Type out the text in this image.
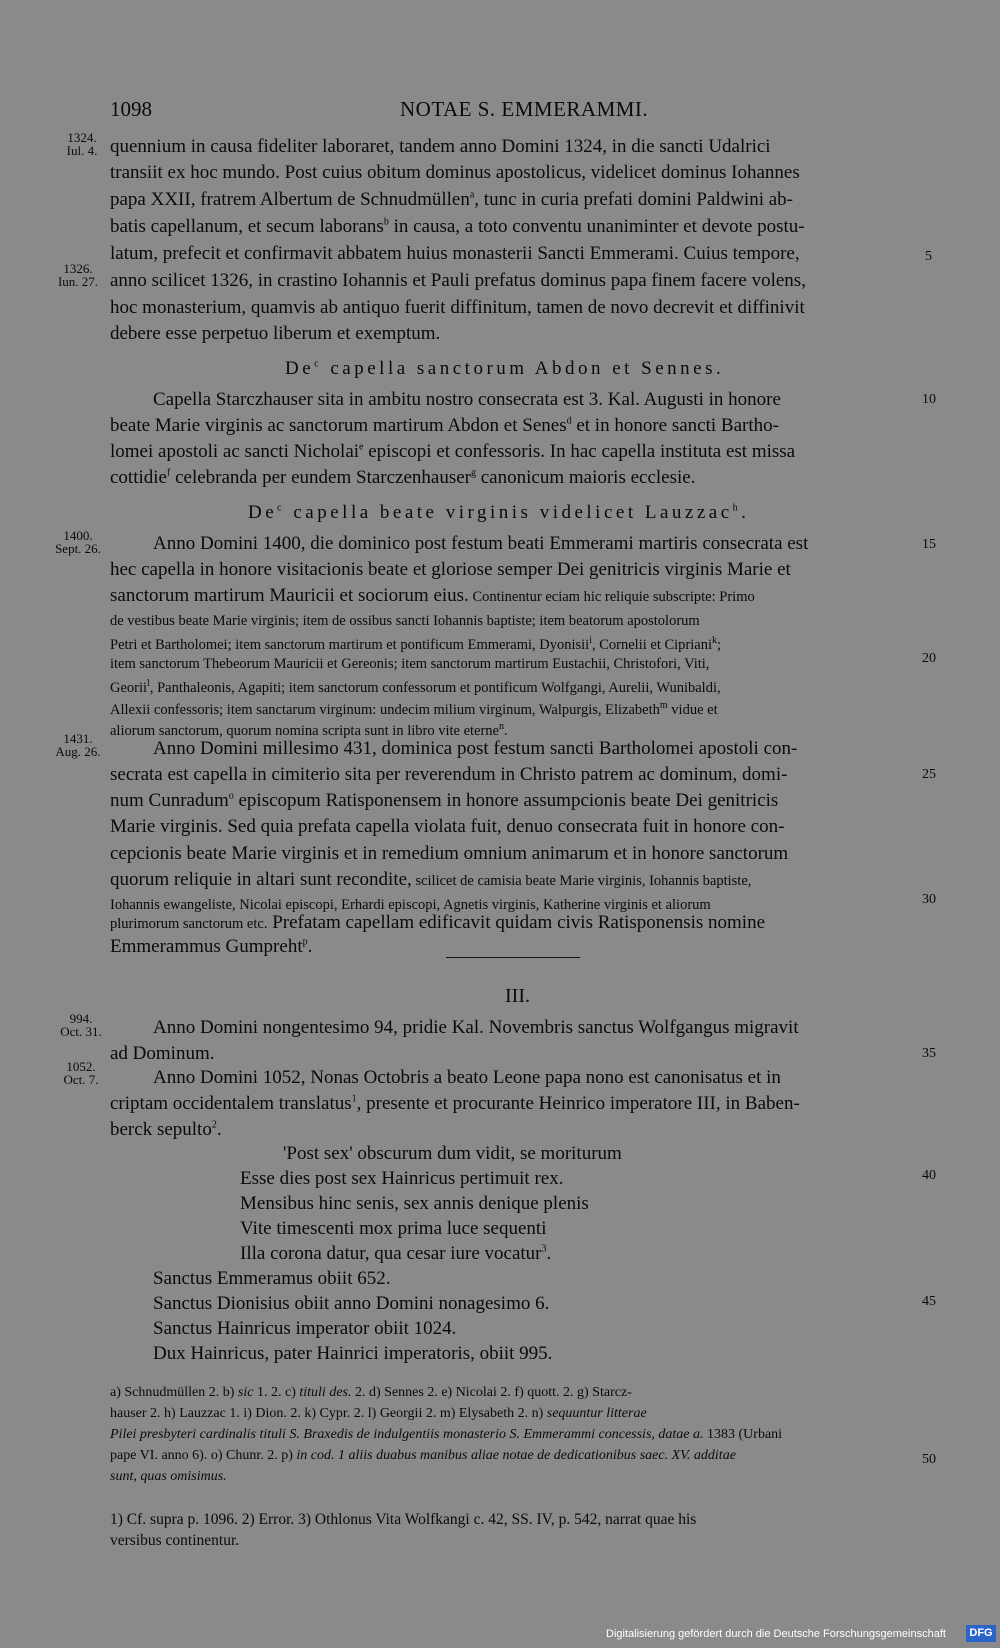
1098	NOTAE S. EMMERAMMI.
1324.
Iul. 4.
1326.
Iun. 27.
1400.
Sept. 26.
1431.
Aug. 26.
994.
Oct. 31.
1052.
Oct. 7.
5
10
15
20
25
30
35
40
45
50
quennium in causa fideliter laboraret, tandem anno Domini 1324, in die sancti Udalrici
transiit ex hoc mundo. Post cuius obitum dominus apostolicus, videlicet dominus Iohannes
papa XXII, fratrem Albertum de Schnudmüllen$^a$, tunc in curia prefati domini Paldwini ab-
batis capellanum, et secum laborans$^b$ in causa, a toto conventu unaniminter et devote postu-
latum, prefecit et confirmavit abbatem huius monasterii Sancti Emmerami. Cuius tempore,
anno scilicet 1326, in crastino Iohannis et Pauli prefatus dominus papa finem facere volens,
hoc monasterium, quamvis ab antiquo fuerit diffinitum, tamen de novo decrevit et diffinivit
debere esse perpetuo liberum et exemptum.
De$^c$ capella sanctorum Abdon et Sennes.
Capella Starczhauser sita in ambitu nostro consecrata est 3. Kal. Augusti in honore
beate Marie virginis ac sanctorum martirum Abdon et Senes$^d$ et in honore sancti Bartho-
lomei apostoli ac sancti Nicholai$^e$ episcopi et confessoris. In hac capella instituta est missa
cottidie$^f$ celebranda per eundem Starczenhauser$^g$ canonicum maioris ecclesie.
De$^c$ capella beate virginis videlicet Lauzzac$^h$.
Anno Domini 1400, die dominico post festum beati Emmerami martiris consecrata est
hec capella in honore visitacionis beate et gloriose semper Dei genitricis virginis Marie et
sanctorum martirum Mauricii et sociorum eius. Continentur eciam hic reliquie subscripte: Primo
de vestibus beate Marie virginis; item de ossibus sancti Iohannis baptiste; item beatorum apostolorum
Petri et Bartholomei; item sanctorum martirum et pontificum Emmerami, Dyonisii$^i$, Cornelii et Cipriani$^k$;
item sanctorum Thebeorum Mauricii et Gereonis; item sanctorum martirum Eustachii, Christofori, Viti,
Georii$^l$, Panthaleonis, Agapiti; item sanctorum confessorum et pontificum Wolfgangi, Aurelii, Wunibaldi,
Allexii confessoris; item sanctarum virginum: undecim milium virginum, Walpurgis, Elizabeth$^m$ vidue et
aliorum sanctorum, quorum nomina scripta sunt in libro vite eterne$^n$.
Anno Domini millesimo 431, dominica post festum sancti Bartholomei apostoli con-
secrata est capella in cimiterio sita per reverendum in Christo patrem ac dominum, domi-
num Cunradum$^o$ episcopum Ratisponensem in honore assumpcionis beate Dei genitricis
Marie virginis. Sed quia prefata capella violata fuit, denuo consecrata fuit in honore con-
cepcionis beate Marie virginis et in remedium omnium animarum et in honore sanctorum
quorum reliquie in altari sunt recondite, scilicet de camisia beate Marie virginis, Iohannis baptiste,
Iohannis ewangeliste, Nicolai episcopi, Erhardi episcopi, Agnetis virginis, Katherine virginis et aliorum
plurimorum sanctorum etc. Prefatam capellam edificavit quidam civis Ratisponensis nomine
Emmerammus Gumpreht$^p$.
III.
Anno Domini nongentesimo 94, pridie Kal. Novembris sanctus Wolfgangus migravit
ad Dominum.
Anno Domini 1052, Nonas Octobris a beato Leone papa nono est canonisatus et in
criptam occidentalem translatus$^1$, presente et procurante Heinrico imperatore III, in Baben-
berck sepulto$^2$.
'Post sex' obscurum dum vidit, se moriturum
Esse dies post sex Hainricus pertimuit rex.
Mensibus hinc senis, sex annis denique plenis
Vite timescenti mox prima luce sequenti
Illa corona datur, qua cesar iure vocatur$^3$.
Sanctus Emmeramus obiit 652.
Sanctus Dionisius obiit anno Domini nonagesimo 6.
Sanctus Hainricus imperator obiit 1024.
Dux Hainricus, pater Hainrici imperatoris, obiit 995.
a) Schnudmüllen 2. b) sic 1. 2. c) tituli des. 2. d) Sennes 2. e) Nicolai 2. f) quott. 2. g) Starcz-
hauser 2. h) Lauzzac 1. i) Dion. 2. k) Cypr. 2. l) Georgii 2. m) Elysabeth 2. n) sequuntur litterae
Pilei presbyteri cardinalis tituli S. Braxedis de indulgentiis monasterio S. Emmerammi concessis, datae a. 1383 (Urbani
pape VI. anno 6). o) Chunr. 2. p) in cod. 1 aliis duabus manibus aliae notae de dedicationibus saec. XV. additae
sunt, quas omisimus.
1) Cf. supra p. 1096. 2) Error. 3) Othlonus Vita Wolfkangi c. 42, SS. IV, p. 542, narrat quae his
versibus continentur.
Digitalisierung gefördert durch die Deutsche Forschungsgemeinschaft	DFG
